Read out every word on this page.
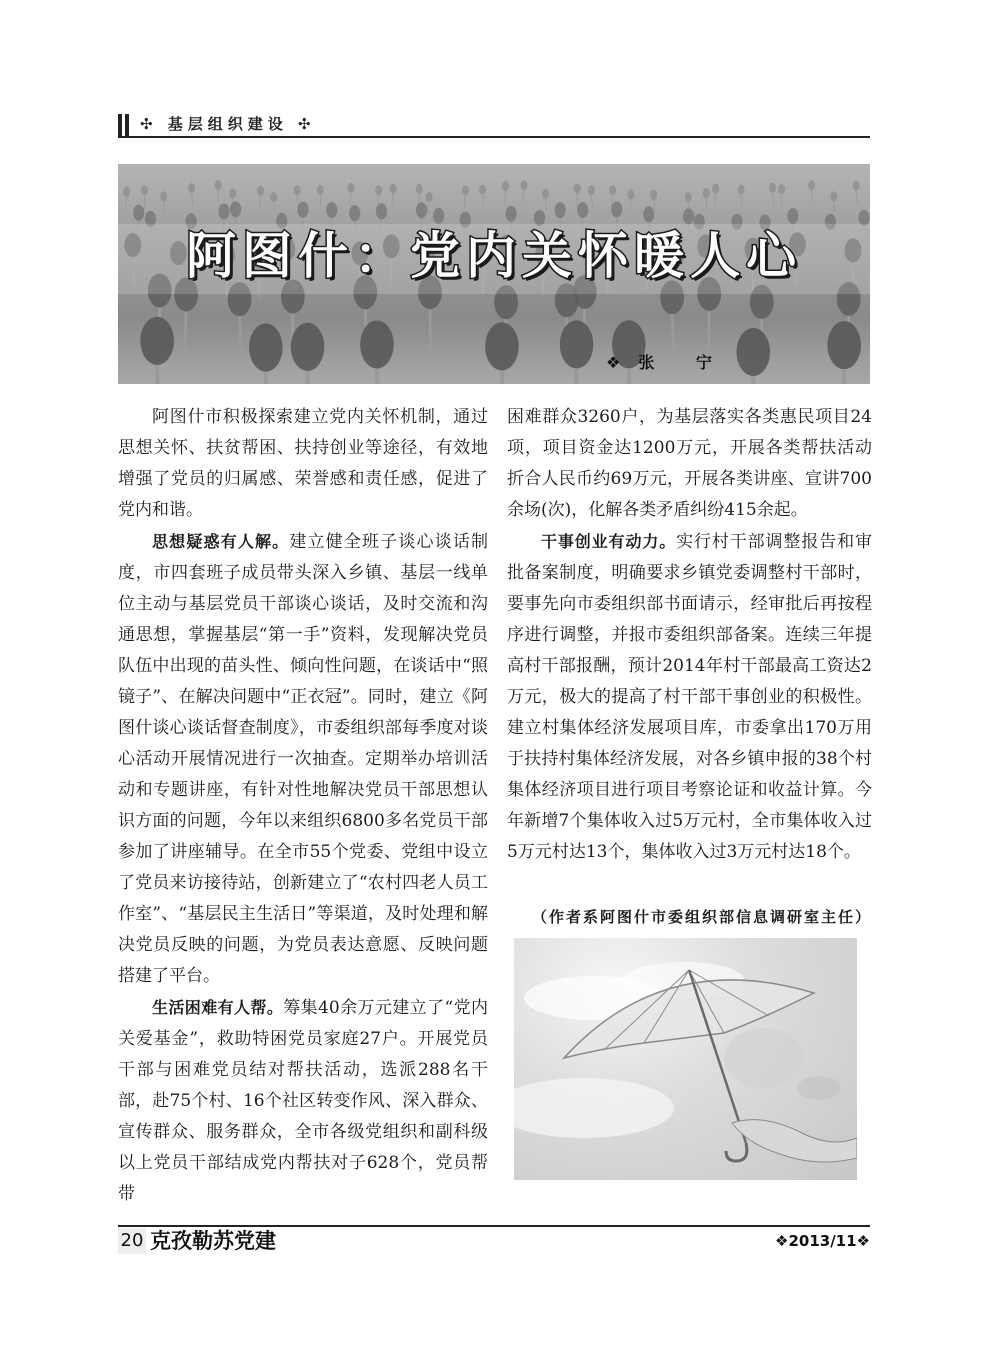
✣ 基层组织建设 ✣
阿图什：党内关怀暖人心
❖张 宁

阿图什市积极探索建立党内关怀机制，通过思想关怀、扶贫帮困、扶持创业等途径，有效地增强了党员的归属感、荣誉感和责任感，促进了党内和谐。

思想疑惑有人解。建立健全班子谈心谈话制度，市四套班子成员带头深入乡镇、基层一线单位主动与基层党员干部谈心谈话，及时交流和沟通思想，掌握基层“第一手”资料，发现解决党员队伍中出现的苗头性、倾向性问题，在谈话中“照镜子”、在解决问题中“正衣冠”。同时，建立《阿图什谈心谈话督查制度》，市委组织部每季度对谈心活动开展情况进行一次抽查。定期举办培训活动和专题讲座，有针对性地解决党员干部思想认识方面的问题，今年以来组织6800多名党员干部参加了讲座辅导。在全市55个党委、党组中设立了党员来访接待站，创新建立了“农村四老人员工作室”、“基层民主生活日”等渠道，及时处理和解决党员反映的问题，为党员表达意愿、反映问题搭建了平台。

生活困难有人帮。筹集40余万元建立了“党内关爱基金”，救助特困党员家庭27户。开展党员干部与困难党员结对帮扶活动，选派288名干部，赴75个村、16个社区转变作风、深入群众、宣传群众、服务群众，全市各级党组织和副科级以上党员干部结成党内帮扶对子628个，党员帮带

困难群众3260户，为基层落实各类惠民项目24项，项目资金达1200万元，开展各类帮扶活动折合人民币约69万元，开展各类讲座、宣讲700余场(次)，化解各类矛盾纠纷415余起。

干事创业有动力。实行村干部调整报告和审批备案制度，明确要求乡镇党委调整村干部时，要事先向市委组织部书面请示，经审批后再按程序进行调整，并报市委组织部备案。连续三年提高村干部报酬，预计2014年村干部最高工资达2万元，极大的提高了村干部干事创业的积极性。建立村集体经济发展项目库，市委拿出170万用于扶持村集体经济发展，对各乡镇申报的38个村集体经济项目进行项目考察论证和收益计算。今年新增7个集体收入过5万元村，全市集体收入过5万元村达13个，集体收入过3万元村达18个。

（作者系阿图什市委组织部信息调研室主任）
20 克孜勒苏党建	❖2013/11❖
